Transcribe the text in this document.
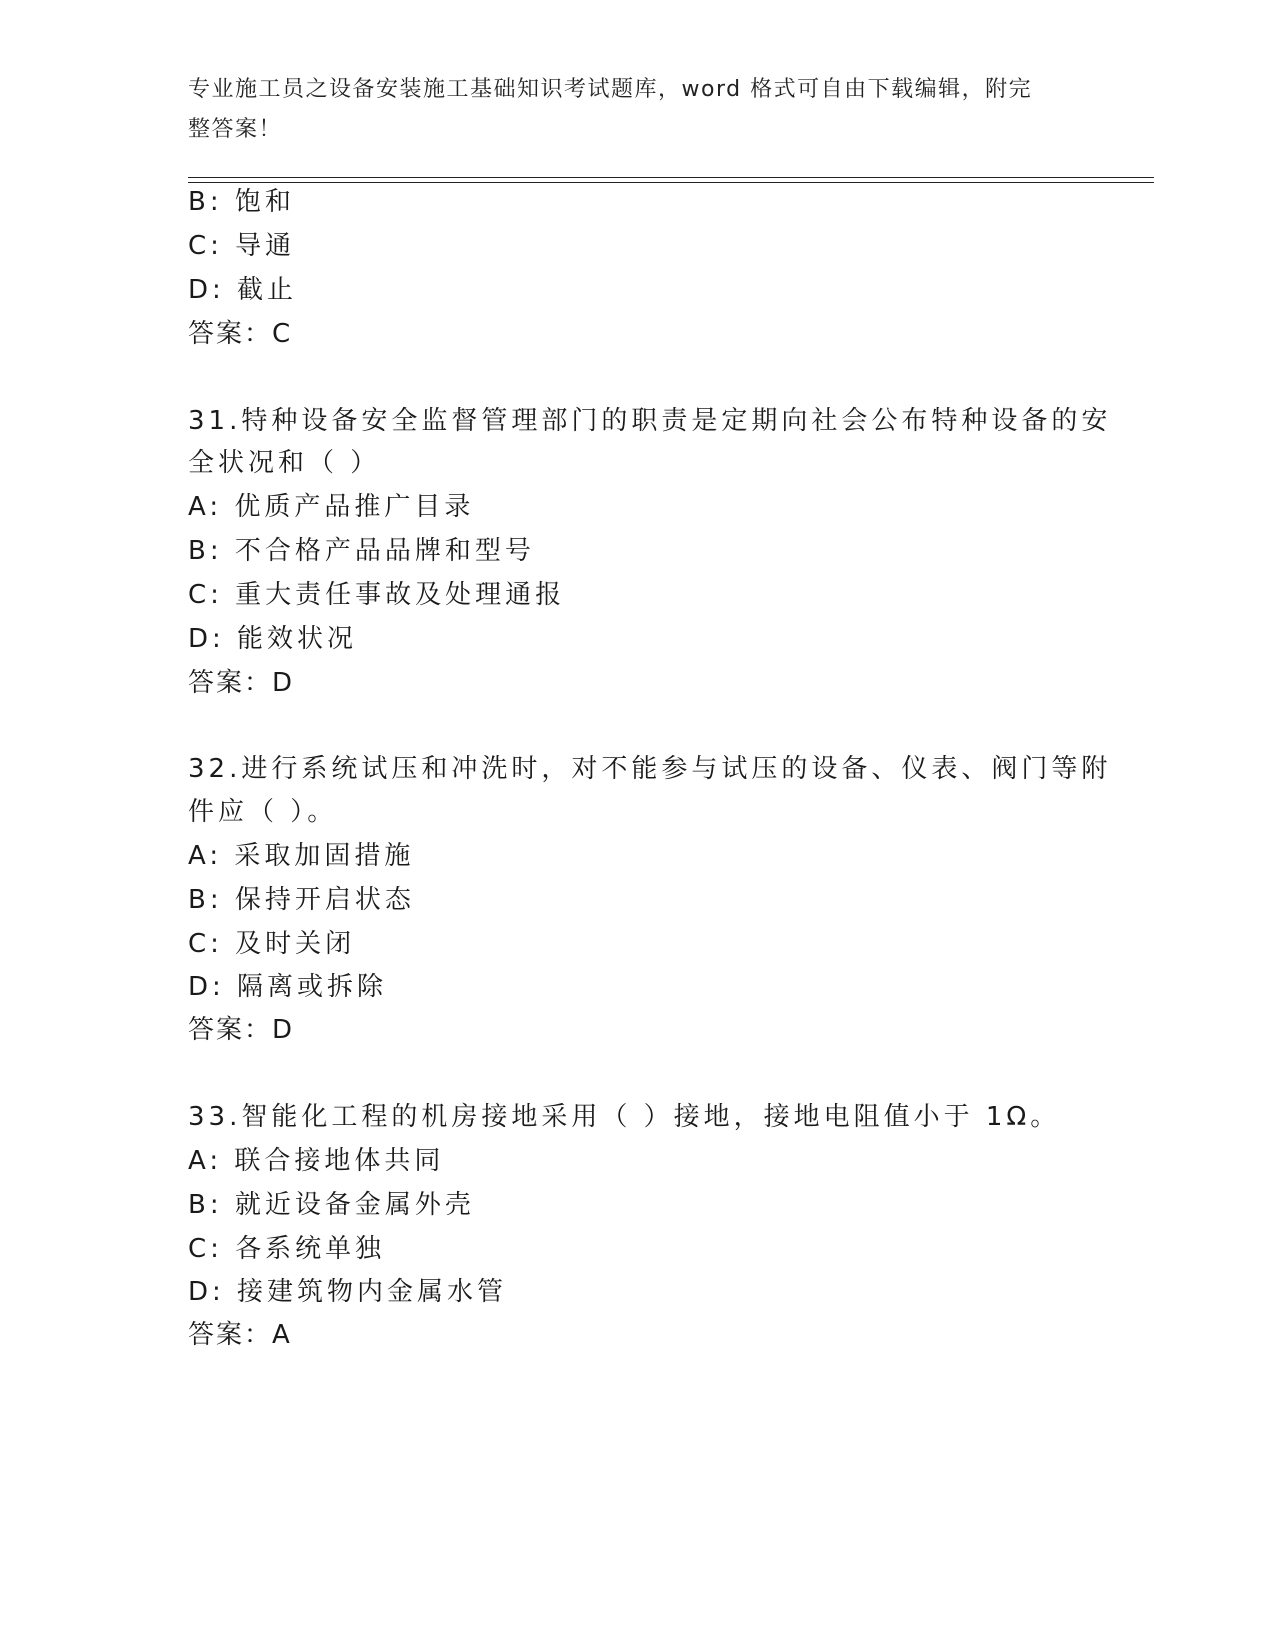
专业施工员之设备安装施工基础知识考试题库，word 格式可自由下载编辑，附完
整答案！
B: 饱和
C: 导通
D: 截止
答案：C
31.特种设备安全监督管理部门的职责是定期向社会公布特种设备的安
全状况和（ ）
A: 优质产品推广目录
B: 不合格产品品牌和型号
C: 重大责任事故及处理通报
D: 能效状况
答案：D
32.进行系统试压和冲洗时，对不能参与试压的设备、仪表、阀门等附
件应（ ）。
A: 采取加固措施
B: 保持开启状态
C: 及时关闭
D: 隔离或拆除
答案：D
33.智能化工程的机房接地采用（ ）接地，接地电阻值小于 1Ω。
A: 联合接地体共同
B: 就近设备金属外壳
C: 各系统单独
D: 接建筑物内金属水管
答案：A
